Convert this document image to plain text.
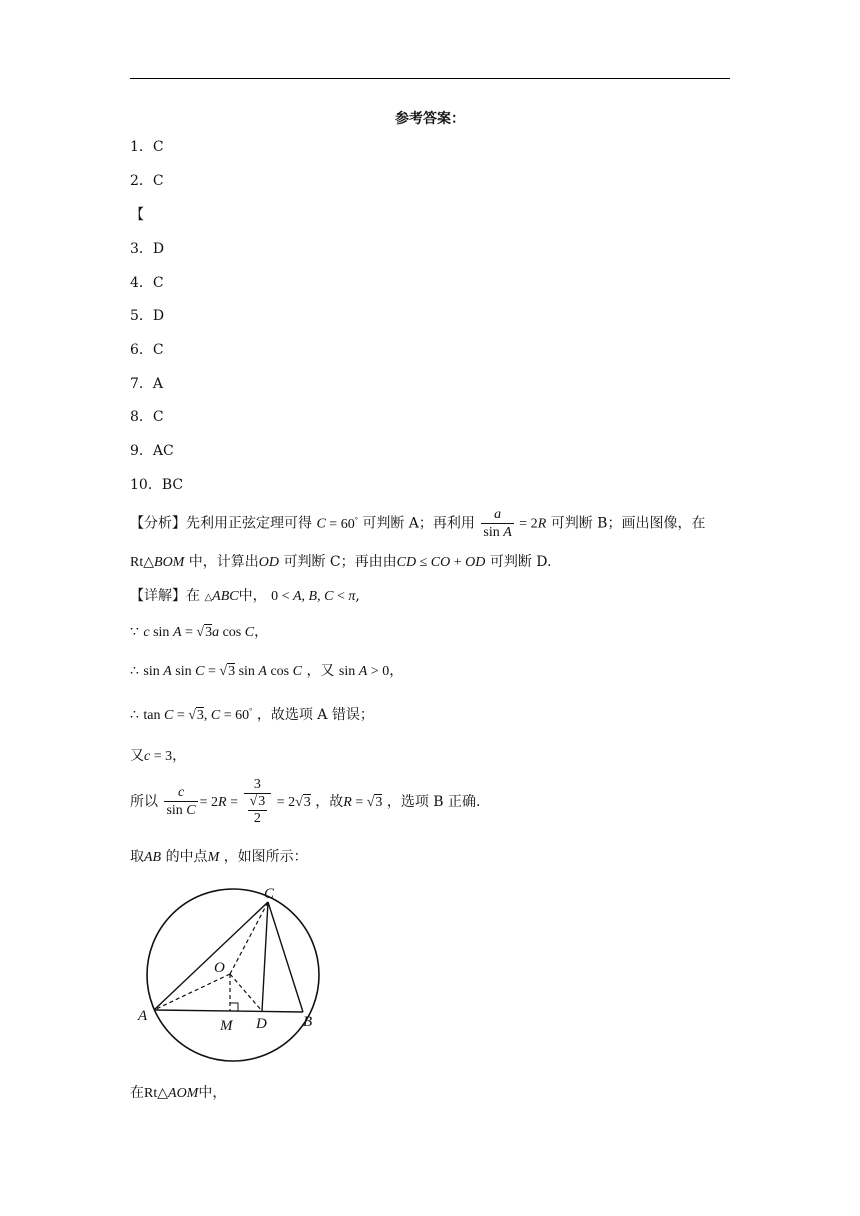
参考答案：
1．C
2．C
【
3．D
4．C
5．D
6．C
7．A
8．C
9．AC
10．BC
【分析】先利用正弦定理可得 C = 60° 可判断 A；再利用 $\frac{a}{\text{sin A}} = 2R$ 可判断 B；画出图像，在
Rt△BOM 中，计算出OD 可判断 C；再由由CD ≤ CO + OD 可判断 D.
【详解】在 △ABC中， 0 < A, B, C < π,
∵ c sin A = √3a cos C，
∴ sin A sin C = √3 sin A cos C ，又 sin A > 0，
∴ tan C = √3, C = 60° ，故选项 A 错误；
又c = 3，
所以 $\frac{c}{\text{sin C}} = 2R = \frac{3}{\frac{√3}{2}} = 2√3$ ，故R = √3 ，选项 B 正确.
取AB 的中点M ，如图所示：
C
O
A
M D B
在Rt△AOM中，
